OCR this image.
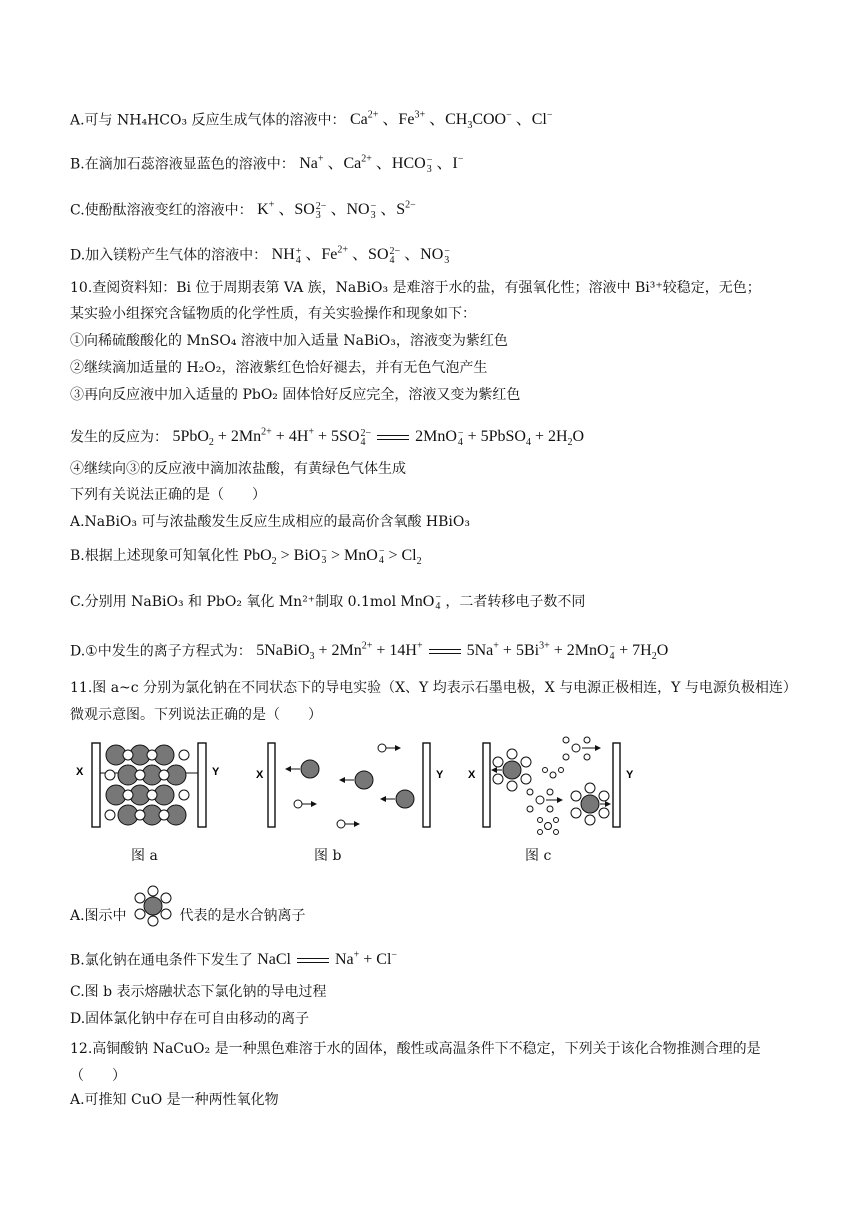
A.可与 NH₄HCO₃ 反应生成气体的溶液中： $Ca^{2+}$ 、$Fe^{3+}$ 、$CH_3COO^-$ 、Cl−
B.在滴加石蕊溶液显蓝色的溶液中： Na+ 、$Ca^{2+}$ 、HCO −
3 、I−
C.使酚酞溶液变红的溶液中： K+ 、SO 2−
3 、NO −
3 、$S^{2-}$
D.加入镁粉产生气体的溶液中： NH +
4 、$Fe^{2+}$ 、SO 2−
4 、NO −
3
10.查阅资料知：Bi 位于周期表第 VA 族，NaBiO₃ 是难溶于水的盐，有强氧化性；溶液中 Bi³⁺较稳定，无色；
某实验小组探究含锰物质的化学性质，有关实验操作和现象如下：
①向稀硫酸酸化的 MnSO₄ 溶液中加入适量 NaBiO₃，溶液变为紫红色
②继续滴加适量的 H₂O₂，溶液紫红色恰好褪去，并有无色气泡产生
③再向反应液中加入适量的 PbO₂ 固体恰好反应完全，溶液又变为紫红色
发生的反应为： $5PbO_2 + 2Mn^{2+} + 4H^+ + 5SO$ 2−
4	2MnO −
4 + 5PbSO$_4$ + $2H_2O$
④继续向③的反应液中滴加浓盐酸，有黄绿色气体生成
下列有关说法正确的是（　　）
A.NaBiO₃ 可与浓盐酸发生反应生成相应的最高价含氧酸 HBiO₃
B.根据上述现象可知氧化性 PbO$_2$ > BiO −
3 > MnO −
$4 > Cl_2$
C.分别用 NaBiO₃ 和 PbO₂ 氧化 Mn²⁺制取 0.1mol MnO −
4 ，二者转移电子数不同
D.①中发生的离子方程式为： 5NaBiO$_3$ + $2Mn^{2+} + 14H^+$	$5Na^+ + 5Bi^{3+} + 2MnO$ −
$4 + 7H_2O$
11.图 a~c 分别为氯化钠在不同状态下的导电实验（X、Y 均表示石墨电极，X 与电源正极相连，Y 与电源负极相连）微观示意图。下列说法正确的是（　　）
X	Y	X	Y X	Y
图 a	图 b	图 c
A.图示中	代表的是水合钠离子
B.氯化钠在通电条件下发生了 NaCl	Na+ + Cl−
C.图 b 表示熔融状态下氯化钠的导电过程
D.固体氯化钠中存在可自由移动的离子
12.高铜酸钠 NaCuO₂ 是一种黑色难溶于水的固体，酸性或高温条件下不稳定，下列关于该化合物推测合理的是（　　）
A.可推知 CuO 是一种两性氧化物
